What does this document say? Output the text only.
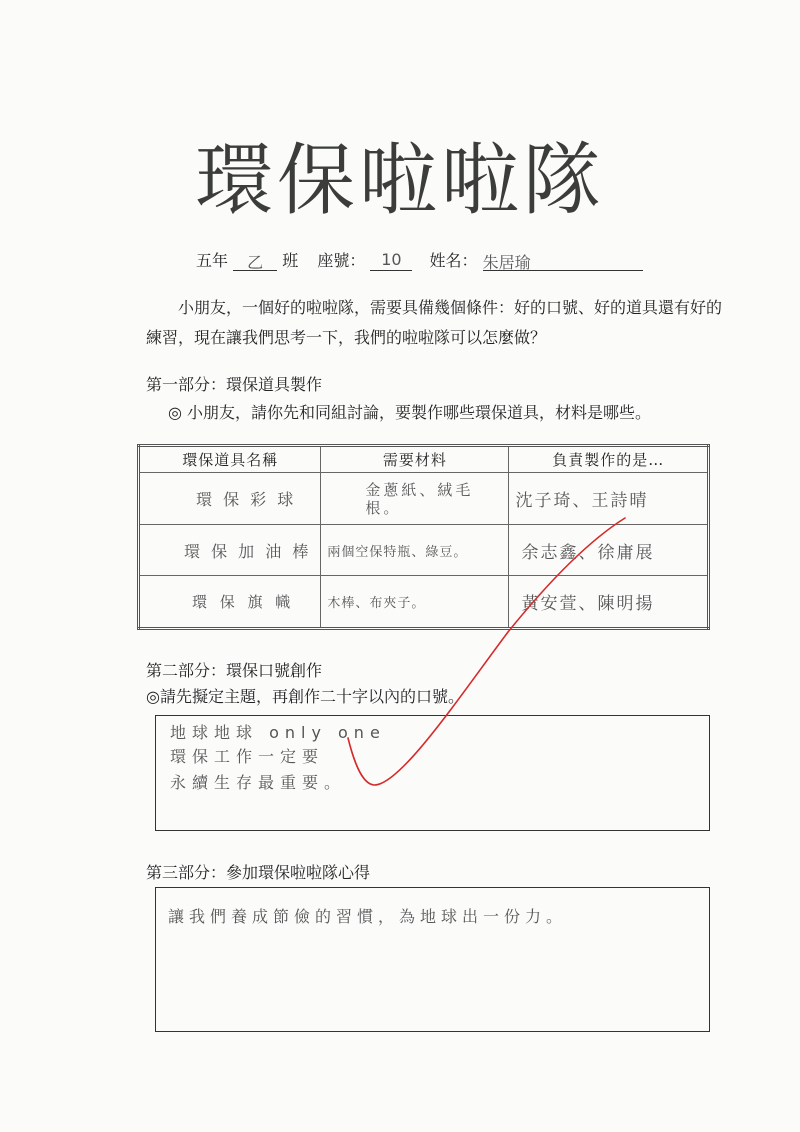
環保啦啦隊
五年 乙 班 座號： 10 姓名： 朱居瑜
小朋友，一個好的啦啦隊，需要具備幾個條件：好的口號、好的道具還有好的練習，現在讓我們思考一下，我們的啦啦隊可以怎麼做？
第一部分：環保道具製作
◎ 小朋友，請你先和同組討論，要製作哪些環保道具，材料是哪些。
環保道具名稱	需要材料	負責製作的是…
環 保 彩 球	金蔥紙、絨毛根。	沈子琦、王詩晴
環 保 加 油 棒	兩個空保特瓶、綠豆。	余志鑫、徐庸展
環 保 旗 幟	木棒、布夾子。	黃安萱、陳明揚
第二部分：環保口號創作
◎請先擬定主題，再創作二十字以內的口號。
地球地球 only one
環保工作一定要
永續生存最重要。
第三部分：參加環保啦啦隊心得
讓我們養成節儉的習慣，為地球出一份力。
